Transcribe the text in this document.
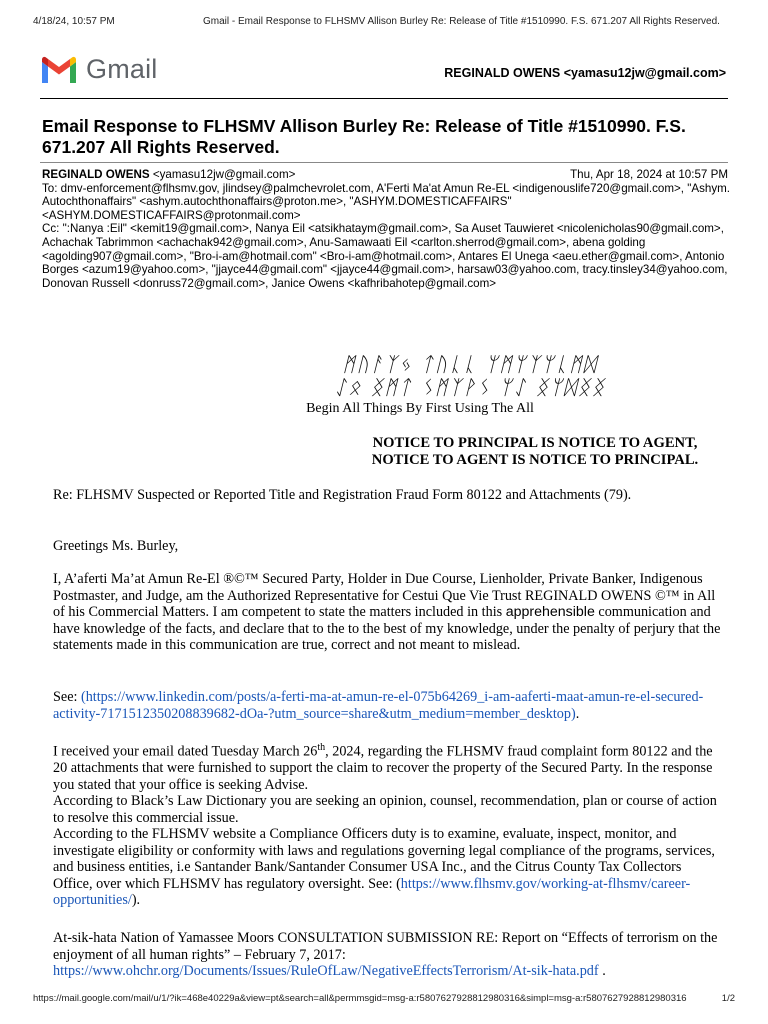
4/18/24, 10:57 PM	Gmail - Email Response to FLHSMV Allison Burley Re: Release of Title #1510990. F.S. 671.207 All Rights Reserved.
Gmail	REGINALD OWENS <yamasu12jw@gmail.com>
Email Response to FLHSMV Allison Burley Re: Release of Title #1510990. F.S. 671.207 All Rights Reserved.
REGINALD OWENS <yamasu12jw@gmail.com>	Thu, Apr 18, 2024 at 10:57 PM
To: dmv-enforcement@flhsmv.gov, jlindsey@palmchevrolet.com, A'Ferti Ma'at Amun Re-EL <indigenouslife720@gmail.com>, "Ashym. Autochthonaffairs" <ashym.autochthonaffairs@proton.me>, "ASHYM.DOMESTICAFFAIRS" <ASHYM.DOMESTICAFFAIRS@protonmail.com>
Cc: ":Nanya :Eil" <kemit19@gmail.com>, Nanya Eil <atsikhataym@gmail.com>, Sa Auset Tauwieret <nicolenicholas90@gmail.com>, Achachak Tabrimmon <achachak942@gmail.com>, Anu-Samawaati Eil <carlton.sherrod@gmail.com>, abena golding <agolding907@gmail.com>, "Bro-i-am@hotmail.com" <Bro-i-am@hotmail.com>, Antares El Unega <aeu.ether@gmail.com>, Antonio Borges <azum19@yahoo.com>, "jjayce44@gmail.com" <jjayce44@gmail.com>, harsaw03@yahoo.com, tracy.tinsley34@yahoo.com, Donovan Russell <donruss72@gmail.com>, Janice Owens <kafhribahotep@gmail.com>
ᛗᚢᚨᛉᛃ ᛏᚢᚳᚳ ᛘᛗᛘᛉᛘᚳᛗᛞ
ᛇᛟ ᛝᛗᛏ ᛊᛗᛉᚹᛊ ᛘᛇ ᛝᛘᛞᛝᛝ
Begin All Things By First Using The All
NOTICE TO PRINCIPAL IS NOTICE TO AGENT,
NOTICE TO AGENT IS NOTICE TO PRINCIPAL.

Re: FLHSMV Suspected or Reported Title and Registration Fraud Form 80122 and Attachments (79).

Greetings Ms. Burley,

I, A’aferti Ma’at Amun Re-El ®©™ Secured Party, Holder in Due Course, Lienholder, Private Banker, Indigenous Postmaster, and Judge, am the Authorized Representative for Cestui Que Vie Trust REGINALD OWENS ©™ in All of his Commercial Matters. I am competent to state the matters included in this apprehensible communication and have knowledge of the facts, and declare that to the to the best of my knowledge, under the penalty of perjury that the statements made in this communication are true, correct and not meant to mislead.

See: (https://www.linkedin.com/posts/a-ferti-ma-at-amun-re-el-075b64269_i-am-aaferti-maat-amun-re-el-secured-activity-7171512350208839682-dOa-?utm_source=share&utm_medium=member_desktop).

I received your email dated Tuesday March 26th, 2024, regarding the FLHSMV fraud complaint form 80122 and the 20 attachments that were furnished to support the claim to recover the property of the Secured Party. In the response you stated that your office is seeking Advise.

According to Black’s Law Dictionary you are seeking an opinion, counsel, recommendation, plan or course of action to resolve this commercial issue.

According to the FLHSMV website a Compliance Officers duty is to examine, evaluate, inspect, monitor, and investigate eligibility or conformity with laws and regulations governing legal compliance of the programs, services, and business entities, i.e Santander Bank/Santander Consumer USA Inc., and the Citrus County Tax Collectors Office, over which FLHSMV has regulatory oversight. See: (https://www.flhsmv.gov/working-at-flhsmv/career-opportunities/).

At-sik-hata Nation of Yamassee Moors CONSULTATION SUBMISSION RE: Report on “Effects of terrorism on the enjoyment of all human rights” – February 7, 2017: https://www.ohchr.org/Documents/Issues/RuleOfLaw/NegativeEffectsTerrorism/At-sik-hata.pdf .

https://mail.google.com/mail/u/1/?ik=468e40229a&view=pt&search=all&permmsgid=msg-a:r5807627928812980316&simpl=msg-a:r5807627928812980316	1/2
